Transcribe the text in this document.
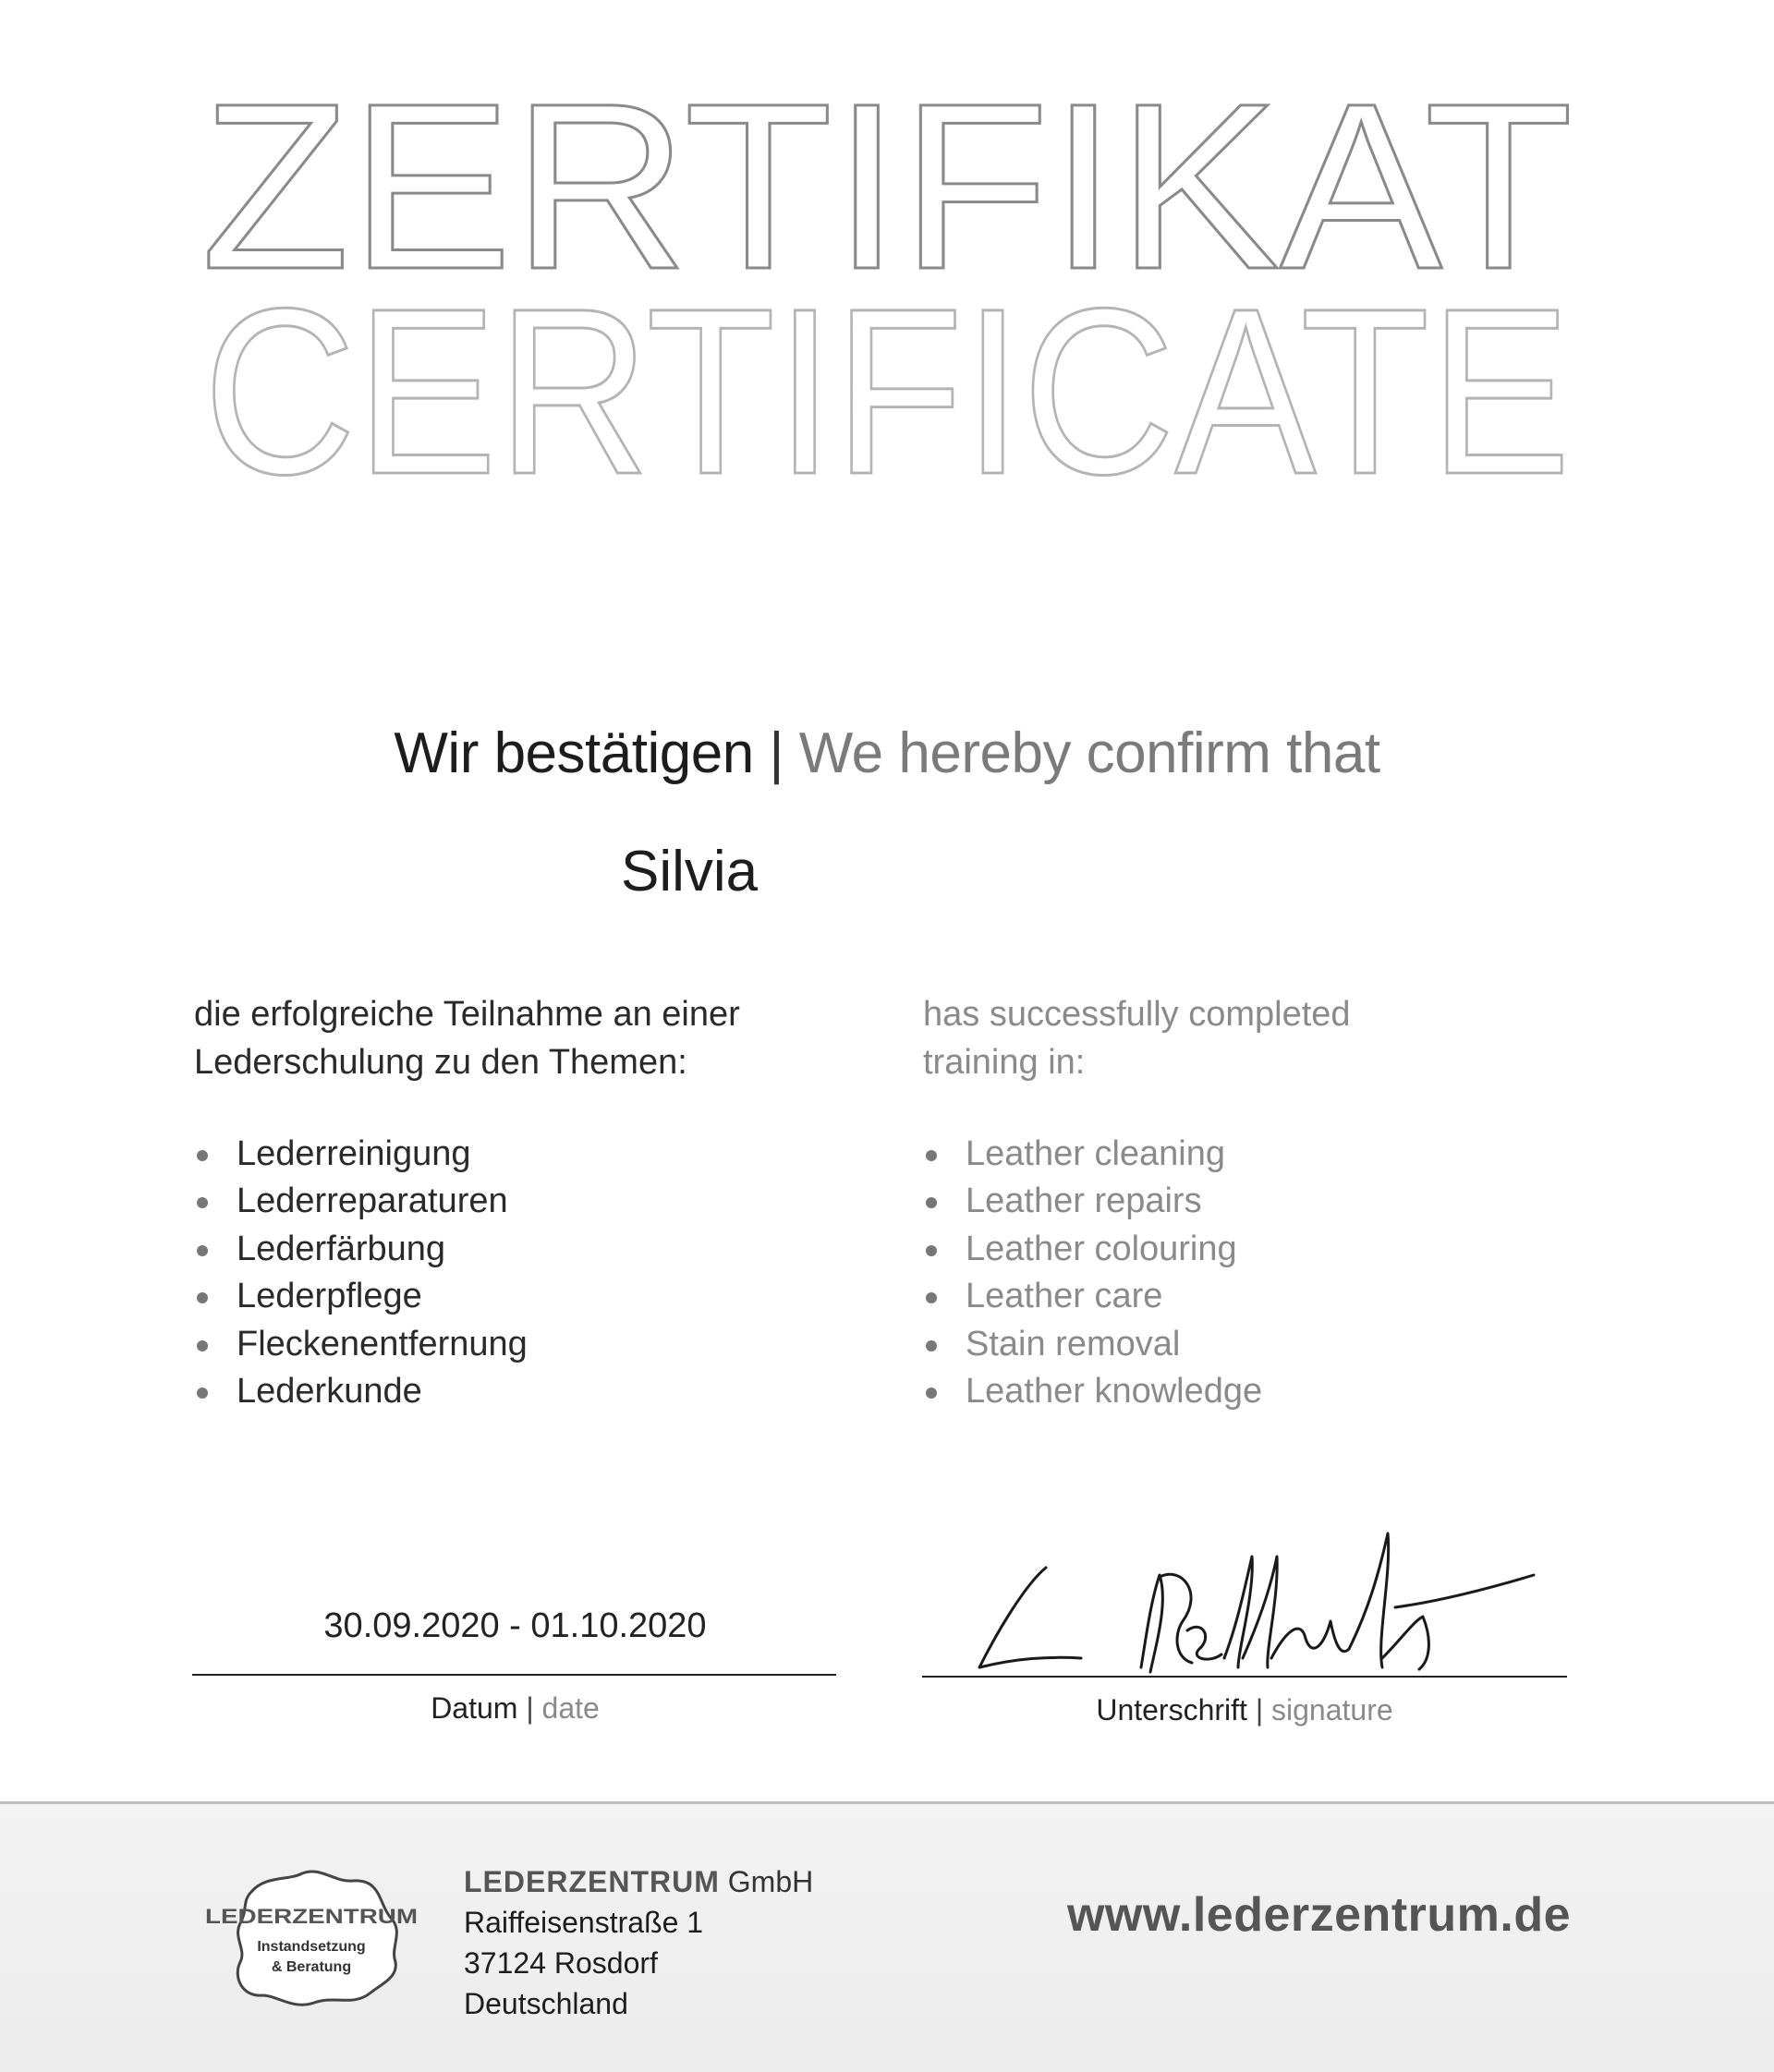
ZERTIFIKAT
CERTIFICATE
Wir bestätigen | We hereby confirm that
Silvia

die erfolgreiche Teilnahme an einer
Lederschulung zu den Themen:

Lederreinigung
Lederreparaturen
Lederfärbung
Lederpflege
Fleckenentfernung
Lederkunde

has successfully completed
training in:

Leather cleaning
Leather repairs
Leather colouring
Leather care
Stain removal
Leather knowledge
30.09.2020 - 01.10.2020
Datum | date	Unterschrift | signature
LEDERZENTRUM
Instandsetzung
& Beratung
LEDERZENTRUM GmbH
Raiffeisenstraße 1
37124 Rosdorf
Deutschland
www.lederzentrum.de
